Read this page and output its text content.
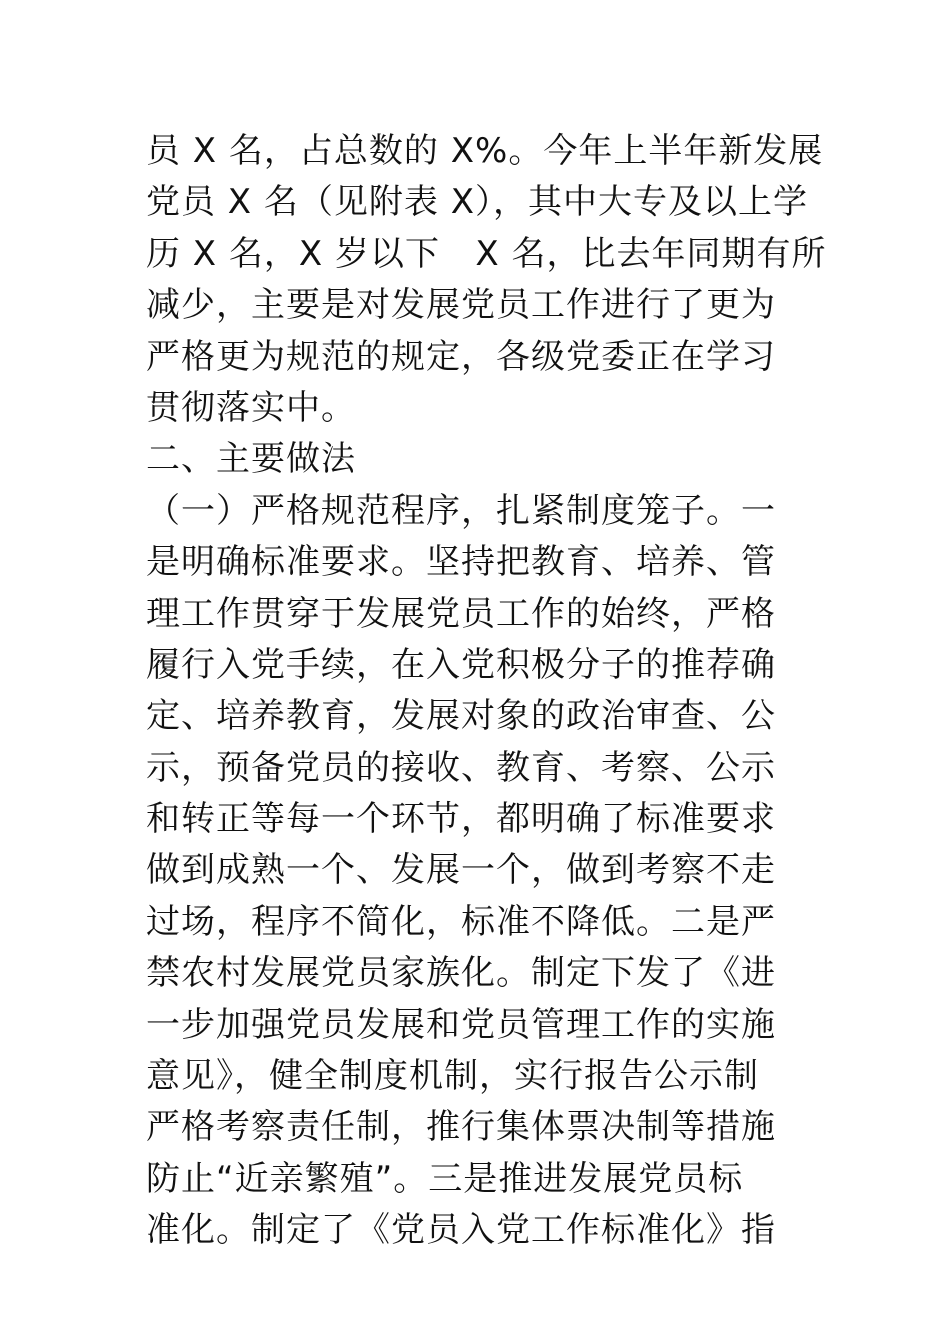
员 X 名，占总数的 X%。今年上半年新发展
党员 X 名（见附表 X），其中大专及以上学
历 X 名，X 岁以下   X 名，比去年同期有所
减少，主要是对发展党员工作进行了更为
严格更为规范的规定，各级党委正在学习
贯彻落实中。
二、主要做法
（一）严格规范程序，扎紧制度笼子。一
是明确标准要求。坚持把教育、培养、管
理工作贯穿于发展党员工作的始终，严格
履行入党手续，在入党积极分子的推荐确
定、培养教育，发展对象的政治审查、公
示，预备党员的接收、教育、考察、公示
和转正等每一个环节，都明确了标准要求
做到成熟一个、发展一个，做到考察不走
过场，程序不简化，标准不降低。二是严
禁农村发展党员家族化。制定下发了《进
一步加强党员发展和党员管理工作的实施
意见》，健全制度机制，实行报告公示制
严格考察责任制，推行集体票决制等措施
防止“近亲繁殖”。三是推进发展党员标
准化。制定了《党员入党工作标准化》指
